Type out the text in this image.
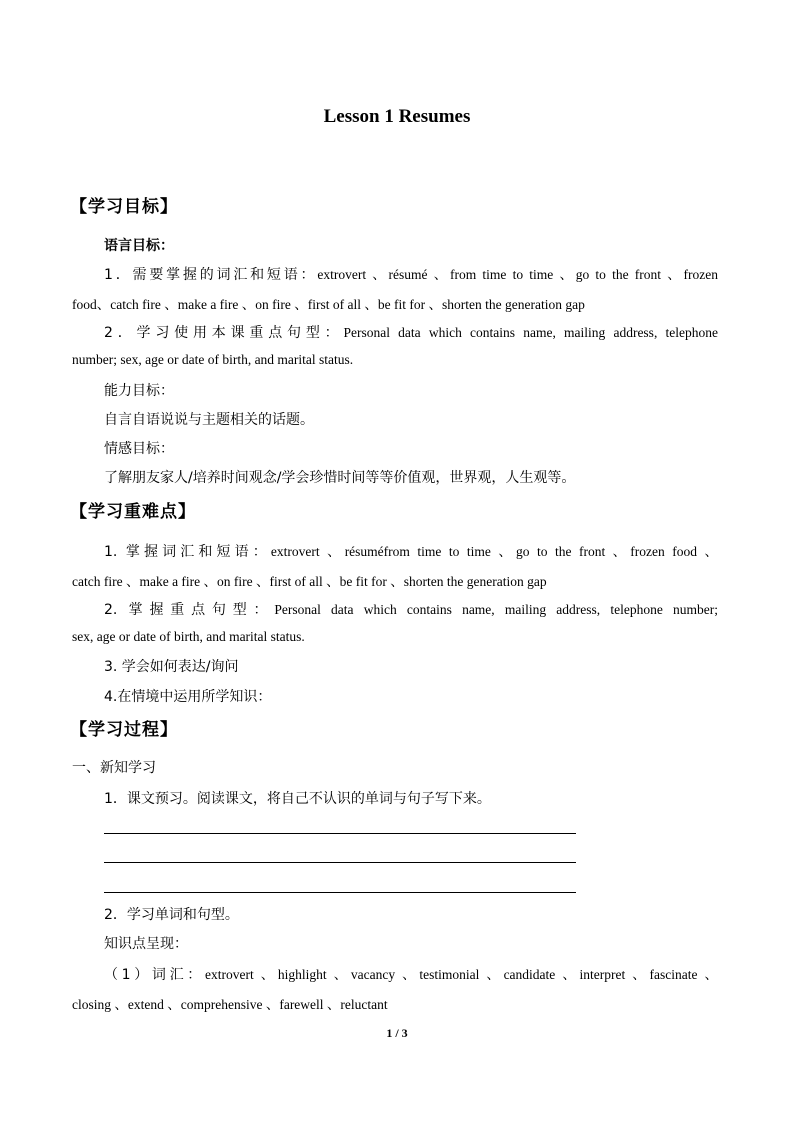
Lesson 1 Resumes
【学习目标】
语言目标：
1．需要掌握的词汇和短语：extrovert 、résumé 、from time to time 、go to the front 、frozen
food、catch fire 、make a fire 、on fire 、first of all 、be fit for 、shorten the generation gap
2．学习使用本课重点句型：Personal data which contains name, mailing address, telephone
number; sex, age or date of birth, and marital status.
能力目标：
自言自语说说与主题相关的话题。
情感目标：
了解朋友家人/培养时间观念/学会珍惜时间等等价值观，世界观，人生观等。
【学习重难点】
1. 掌握词汇和短语：extrovert 、résuméfrom time to time 、go to the front 、frozen food 、
catch fire 、make a fire 、on fire 、first of all 、be fit for 、shorten the generation gap
2. 掌握重点句型：Personal data which contains name, mailing address, telephone number;
sex, age or date of birth, and marital status.
3. 学会如何表达/询问
4.在情境中运用所学知识：
【学习过程】
一、新知学习
1．课文预习。阅读课文，将自己不认识的单词与句子写下来。
2．学习单词和句型。
知识点呈现：
（1）词汇：extrovert 、highlight 、vacancy 、testimonial 、candidate 、interpret 、fascinate 、
closing 、extend 、comprehensive 、farewell 、reluctant
1 / 3
